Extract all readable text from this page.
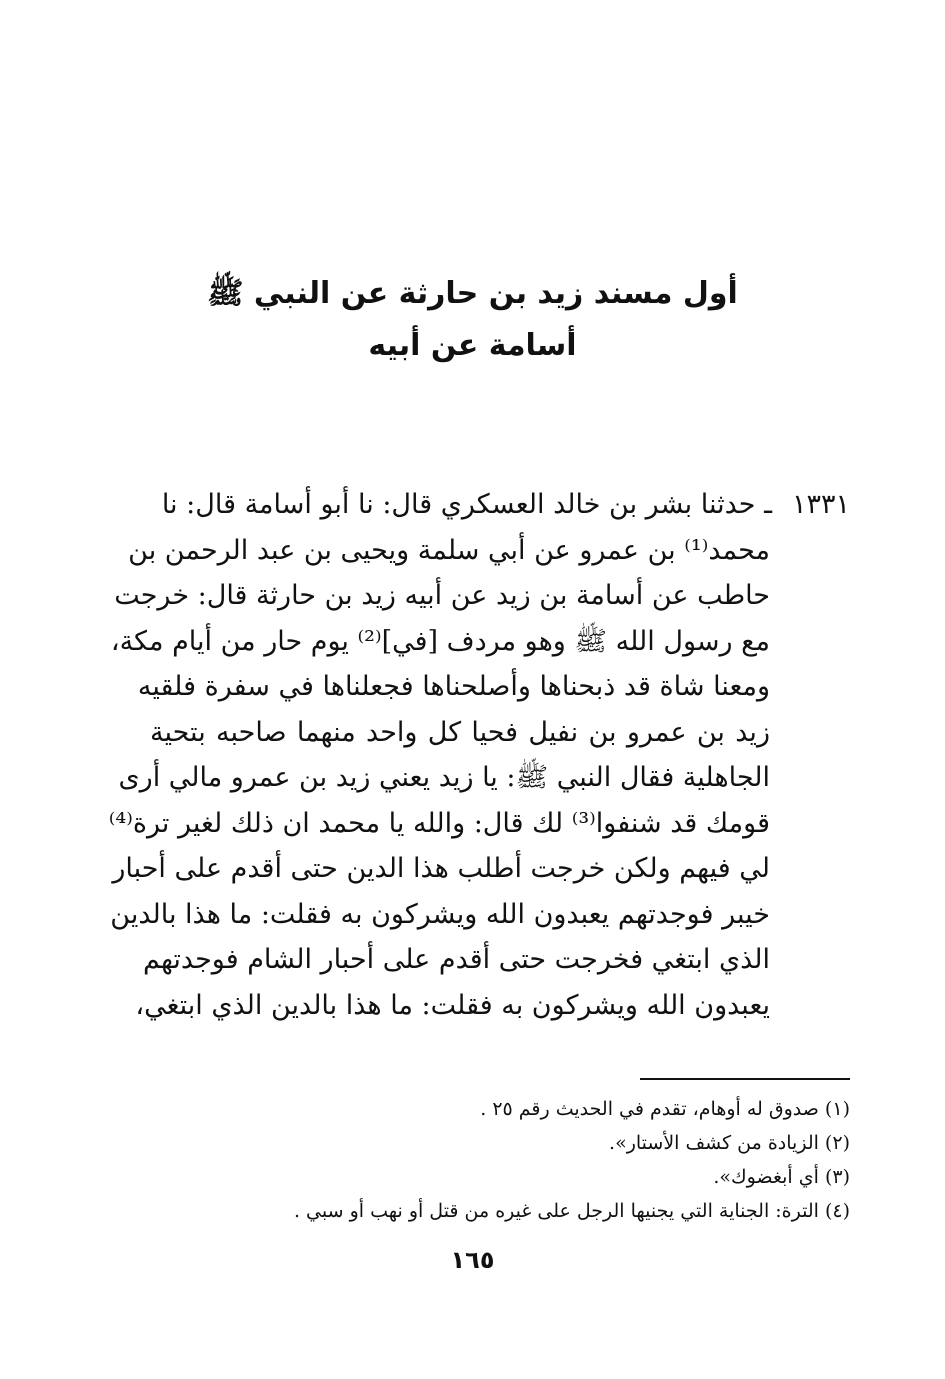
أول مسند زيد بن حارثة عن النبي ﷺ

أسامة عن أبيه

١٣٣١ـ حدثنا بشر بن خالد العسكري قال: نا أبو أسامة قال: نا

محمد⁽¹⁾ بن عمرو عن أبي سلمة ويحيى بن عبد الرحمن بن

حاطب عن أسامة بن زيد عن أبيه زيد بن حارثة قال: خرجت

مع رسول الله ﷺ وهو مردف [في]⁽²⁾ يوم حار من أيام مكة،

ومعنا شاة قد ذبحناها وأصلحناها فجعلناها في سفرة فلقيه

زيد بن عمرو بن نفيل فحيا كل واحد منهما صاحبه بتحية

الجاهلية فقال النبي ﷺ: يا زيد يعني زيد بن عمرو مالي أرى

قومك قد شنفوا⁽³⁾ لك قال: والله يا محمد ان ذلك لغير ترة⁽⁴⁾

لي فيهم ولكن خرجت أطلب هذا الدين حتى أقدم على أحبار

خيبر فوجدتهم يعبدون الله ويشركون به فقلت: ما هذا بالدين

الذي ابتغي فخرجت حتى أقدم على أحبار الشام فوجدتهم

يعبدون الله ويشركون به فقلت: ما هذا بالدين الذي ابتغي،

(١) صدوق له أوهام، تقدم في الحديث رقم ٢٥ .

(٢) الزيادة من كشف الأستار».

(٣) أي أبغضوك».

(٤) الترة: الجناية التي يجنيها الرجل على غيره من قتل أو نهب أو سبي .

١٦٥
